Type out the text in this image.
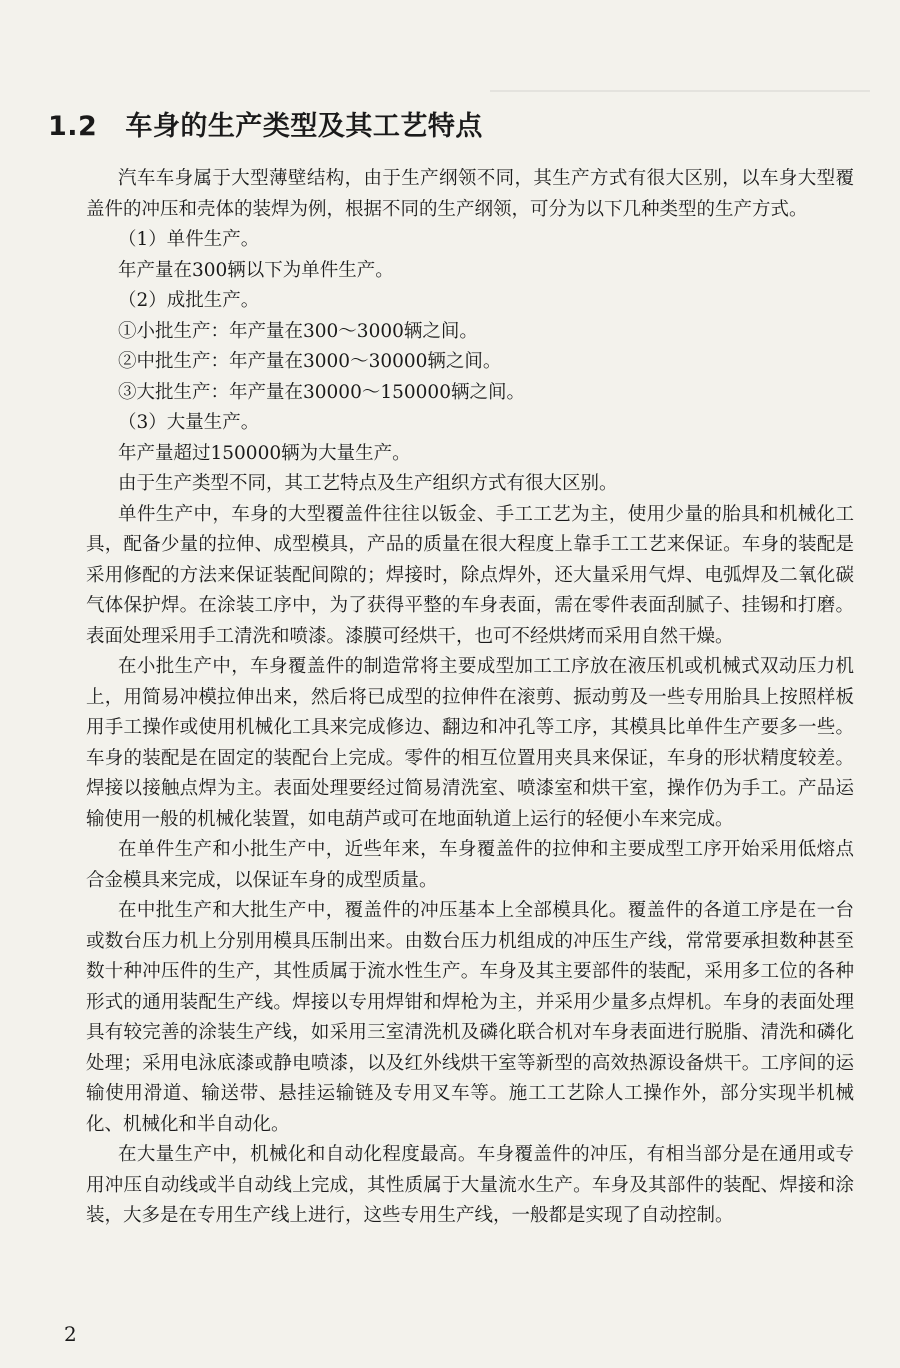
1.2 车身的生产类型及其工艺特点

汽车车身属于大型薄壁结构，由于生产纲领不同，其生产方式有很大区别，以车身大型覆盖件的冲压和壳体的装焊为例，根据不同的生产纲领，可分为以下几种类型的生产方式。

（1）单件生产。

年产量在300辆以下为单件生产。

（2）成批生产。

①小批生产：年产量在300～3000辆之间。

②中批生产：年产量在3000～30000辆之间。

③大批生产：年产量在30000～150000辆之间。

（3）大量生产。

年产量超过150000辆为大量生产。

由于生产类型不同，其工艺特点及生产组织方式有很大区别。

单件生产中，车身的大型覆盖件往往以钣金、手工工艺为主，使用少量的胎具和机械化工具，配备少量的拉伸、成型模具，产品的质量在很大程度上靠手工工艺来保证。车身的装配是采用修配的方法来保证装配间隙的；焊接时，除点焊外，还大量采用气焊、电弧焊及二氧化碳气体保护焊。在涂装工序中，为了获得平整的车身表面，需在零件表面刮腻子、挂锡和打磨。表面处理采用手工清洗和喷漆。漆膜可经烘干，也可不经烘烤而采用自然干燥。

在小批生产中，车身覆盖件的制造常将主要成型加工工序放在液压机或机械式双动压力机上，用简易冲模拉伸出来，然后将已成型的拉伸件在滚剪、振动剪及一些专用胎具上按照样板用手工操作或使用机械化工具来完成修边、翻边和冲孔等工序，其模具比单件生产要多一些。车身的装配是在固定的装配台上完成。零件的相互位置用夹具来保证，车身的形状精度较差。焊接以接触点焊为主。表面处理要经过简易清洗室、喷漆室和烘干室，操作仍为手工。产品运输使用一般的机械化装置，如电葫芦或可在地面轨道上运行的轻便小车来完成。

在单件生产和小批生产中，近些年来，车身覆盖件的拉伸和主要成型工序开始采用低熔点合金模具来完成，以保证车身的成型质量。

在中批生产和大批生产中，覆盖件的冲压基本上全部模具化。覆盖件的各道工序是在一台或数台压力机上分别用模具压制出来。由数台压力机组成的冲压生产线，常常要承担数种甚至数十种冲压件的生产，其性质属于流水性生产。车身及其主要部件的装配，采用多工位的各种形式的通用装配生产线。焊接以专用焊钳和焊枪为主，并采用少量多点焊机。车身的表面处理具有较完善的涂装生产线，如采用三室清洗机及磷化联合机对车身表面进行脱脂、清洗和磷化处理；采用电泳底漆或静电喷漆，以及红外线烘干室等新型的高效热源设备烘干。工序间的运输使用滑道、输送带、悬挂运输链及专用叉车等。施工工艺除人工操作外，部分实现半机械化、机械化和半自动化。

在大量生产中，机械化和自动化程度最高。车身覆盖件的冲压，有相当部分是在通用或专用冲压自动线或半自动线上完成，其性质属于大量流水生产。车身及其部件的装配、焊接和涂装，大多是在专用生产线上进行，这些专用生产线，一般都是实现了自动控制。

2
